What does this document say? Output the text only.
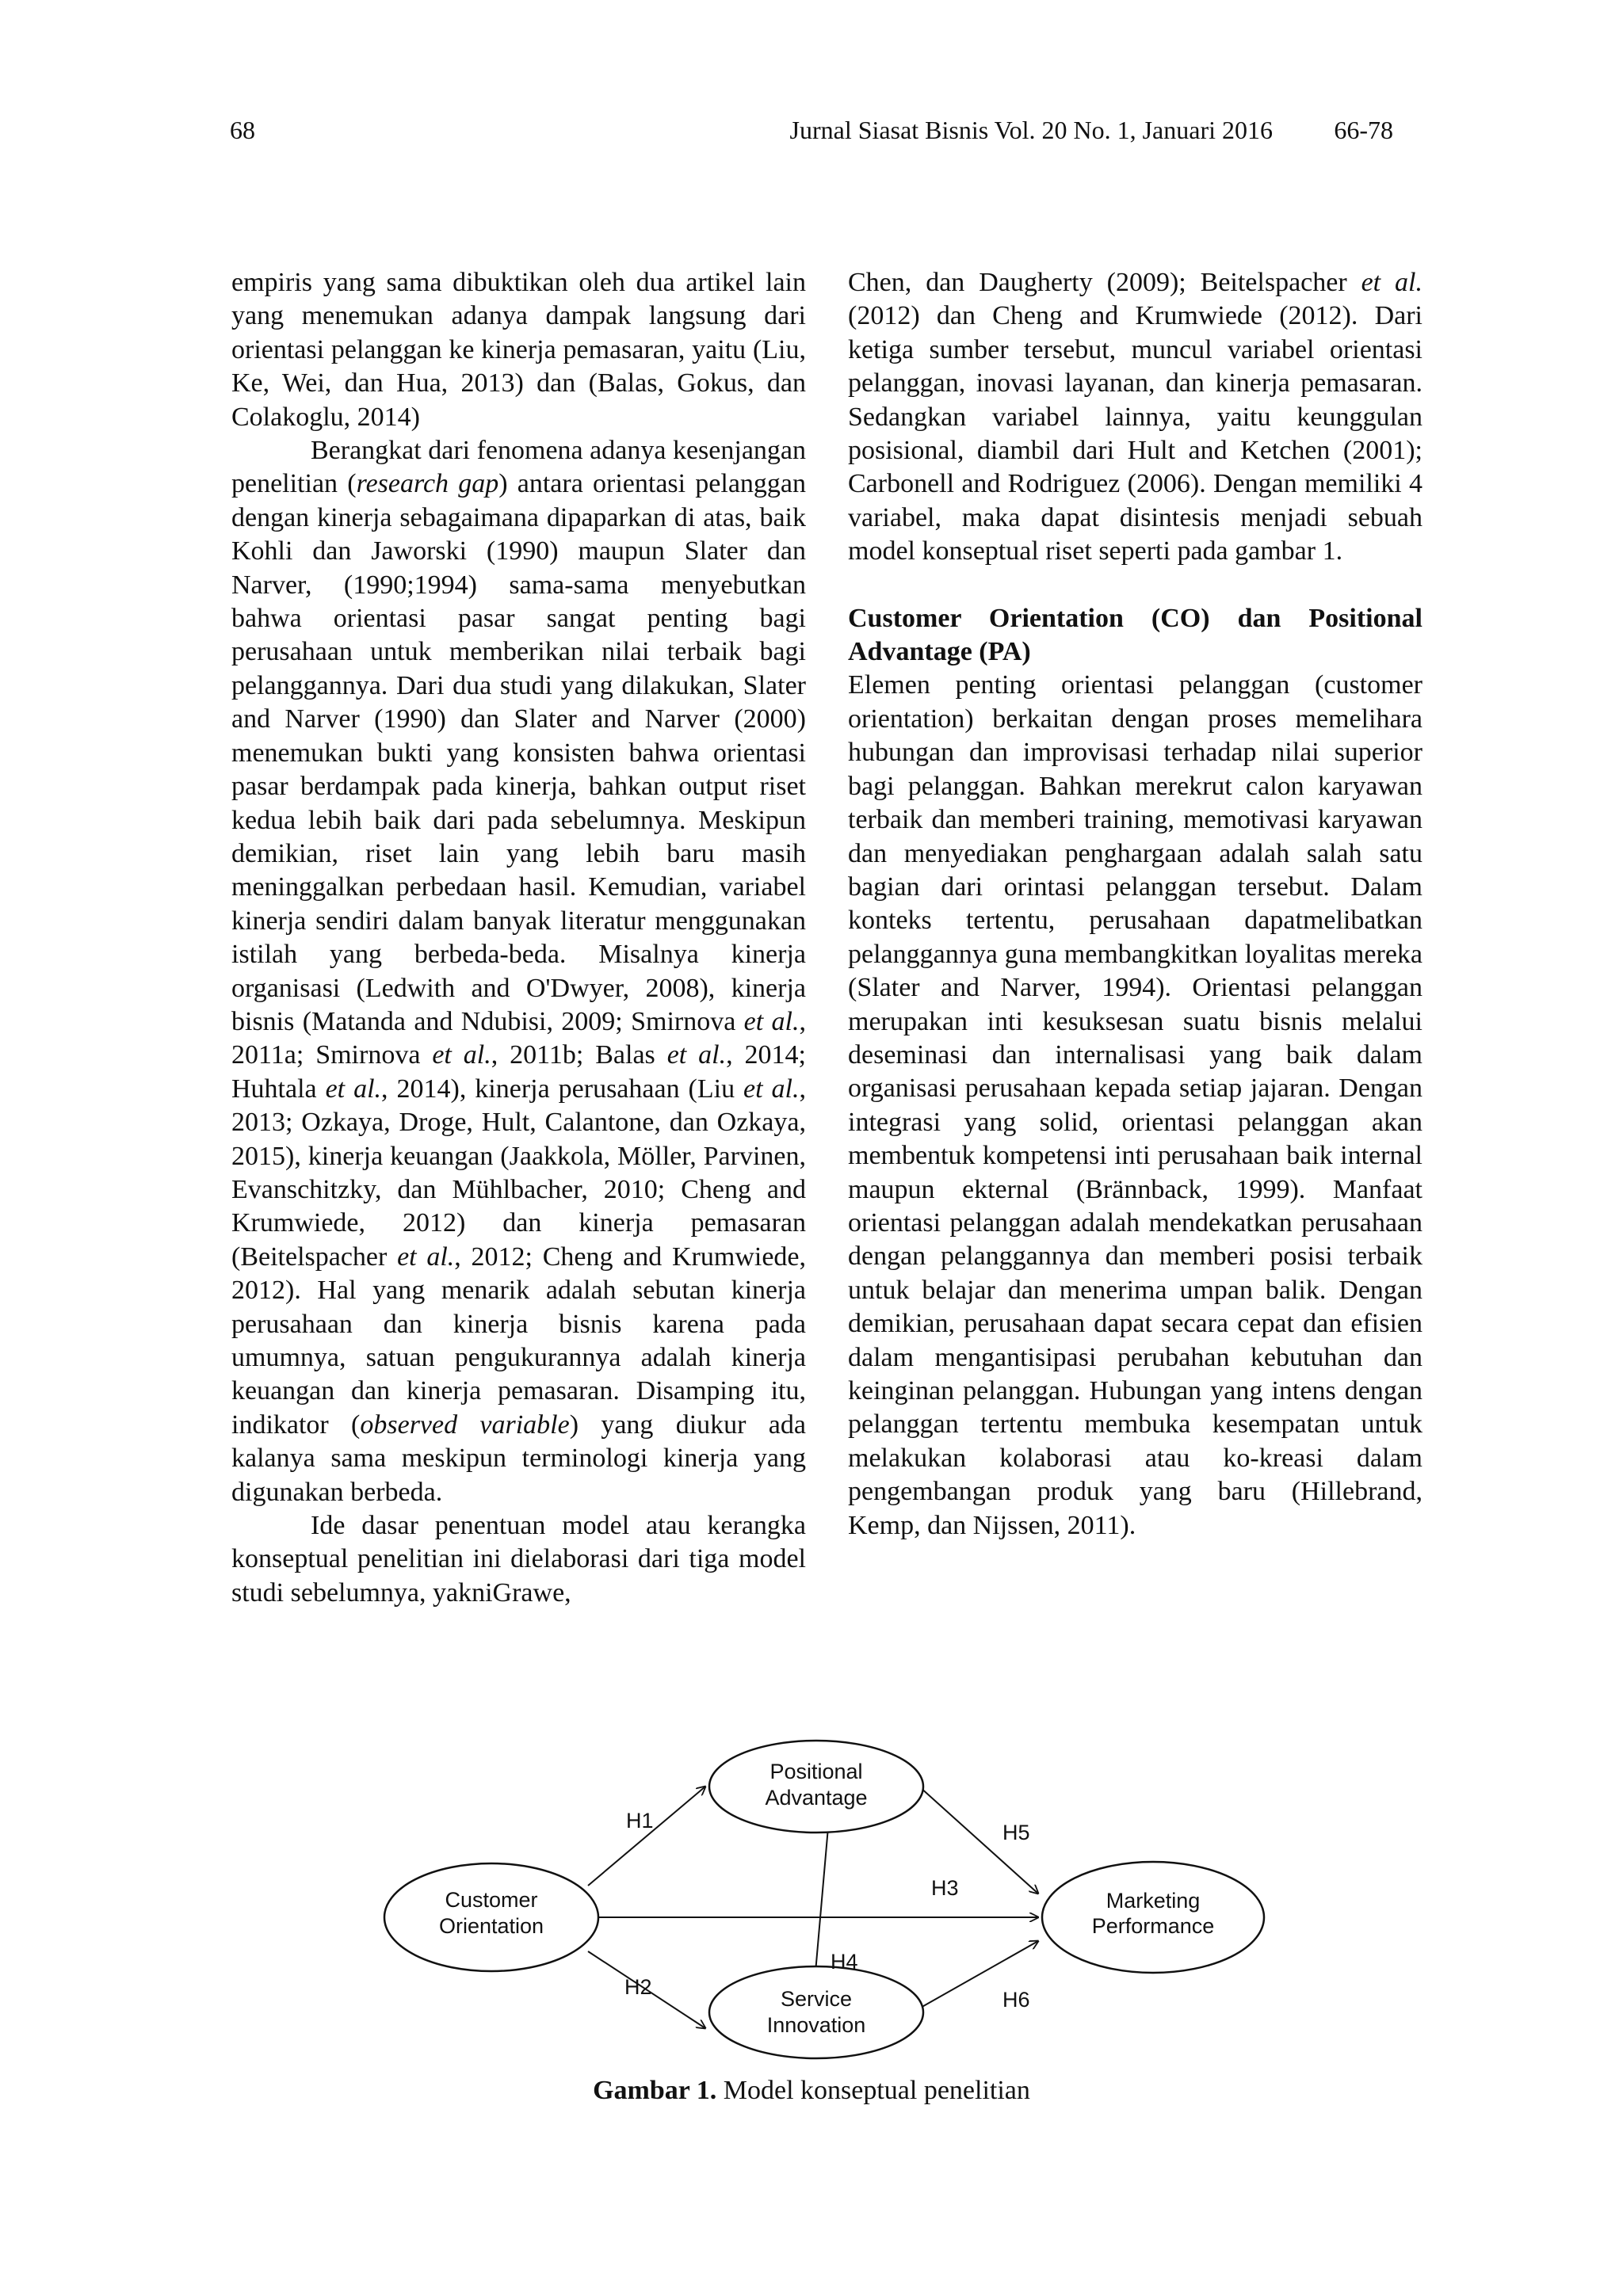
68	Jurnal Siasat Bisnis Vol. 20 No. 1, Januari 2016 66-78

empiris yang sama dibuktikan oleh dua artikel lain yang menemukan adanya dampak langsung dari orientasi pelanggan ke kinerja pemasaran, yaitu (Liu, Ke, Wei, dan Hua, 2013) dan (Balas, Gokus, dan Colakoglu, 2014)

Berangkat dari fenomena adanya kesenjangan penelitian (research gap) antara orientasi pelanggan dengan kinerja sebagaimana dipaparkan di atas, baik Kohli dan Jaworski (1990) maupun Slater dan Narver, (1990;1994) sama-sama menyebutkan bahwa orientasi pasar sangat penting bagi perusahaan untuk memberikan nilai terbaik bagi pelanggannya. Dari dua studi yang dilakukan, Slater and Narver (1990) dan Slater and Narver (2000) menemukan bukti yang konsisten bahwa orientasi pasar berdampak pada kinerja, bahkan output riset kedua lebih baik dari pada sebelumnya. Meskipun demikian, riset lain yang lebih baru masih meninggalkan perbedaan hasil. Kemudian, variabel kinerja sendiri dalam banyak literatur menggunakan istilah yang berbeda-beda. Misalnya kinerja organisasi (Ledwith and O'Dwyer, 2008), kinerja bisnis (Matanda and Ndubisi, 2009; Smirnova et al., 2011a; Smirnova et al., 2011b; Balas et al., 2014; Huhtala et al., 2014), kinerja perusahaan (Liu et al., 2013; Ozkaya, Droge, Hult, Calantone, dan Ozkaya, 2015), kinerja keuangan (Jaakkola, Möller, Parvinen, Evanschitzky, dan Mühlbacher, 2010; Cheng and Krumwiede, 2012) dan kinerja pemasaran (Beitelspacher et al., 2012; Cheng and Krumwiede, 2012). Hal yang menarik adalah sebutan kinerja perusahaan dan kinerja bisnis karena pada umumnya, satuan pengukurannya adalah kinerja keuangan dan kinerja pemasaran. Disamping itu, indikator (observed variable) yang diukur ada kalanya sama meskipun terminologi kinerja yang digunakan berbeda.

Ide dasar penentuan model atau kerangka konseptual penelitian ini dielaborasi dari tiga model studi sebelumnya, yakniGrawe,

Chen, dan Daugherty (2009); Beitelspacher et al. (2012) dan Cheng and Krumwiede (2012). Dari ketiga sumber tersebut, muncul variabel orientasi pelanggan, inovasi layanan, dan kinerja pemasaran. Sedangkan variabel lainnya, yaitu keunggulan posisional, diambil dari Hult and Ketchen (2001); Carbonell and Rodriguez (2006). Dengan memiliki 4 variabel, maka dapat disintesis menjadi sebuah model konseptual riset seperti pada gambar 1.

Customer Orientation (CO) dan Positional Advantage (PA)

Elemen penting orientasi pelanggan (customer orientation) berkaitan dengan proses memelihara hubungan dan improvisasi terhadap nilai superior bagi pelanggan. Bahkan merekrut calon karyawan terbaik dan memberi training, memotivasi karyawan dan menyediakan penghargaan adalah salah satu bagian dari orintasi pelanggan tersebut. Dalam konteks tertentu, perusahaan dapatmelibatkan pelanggannya guna membangkitkan loyalitas mereka (Slater and Narver, 1994). Orientasi pelanggan merupakan inti kesuksesan suatu bisnis melalui deseminasi dan internalisasi yang baik dalam organisasi perusahaan kepada setiap jajaran. Dengan integrasi yang solid, orientasi pelanggan akan membentuk kompetensi inti perusahaan baik internal maupun ekternal (Brännback, 1999). Manfaat orientasi pelanggan adalah mendekatkan perusahaan dengan pelanggannya dan memberi posisi terbaik untuk belajar dan menerima umpan balik. Dengan demikian, perusahaan dapat secara cepat dan efisien dalam mengantisipasi perubahan kebutuhan dan keinginan pelanggan. Hubungan yang intens dengan pelanggan tertentu membuka kesempatan untuk melakukan kolaborasi atau ko-kreasi dalam pengembangan produk yang baru (Hillebrand, Kemp, dan Nijssen, 2011).

Customer
Orientation
Positional
Advantage
Service
Innovation
Marketing
Performance
H1
H2
H3
H4
H5
H6
Gambar 1. Model konseptual penelitian
